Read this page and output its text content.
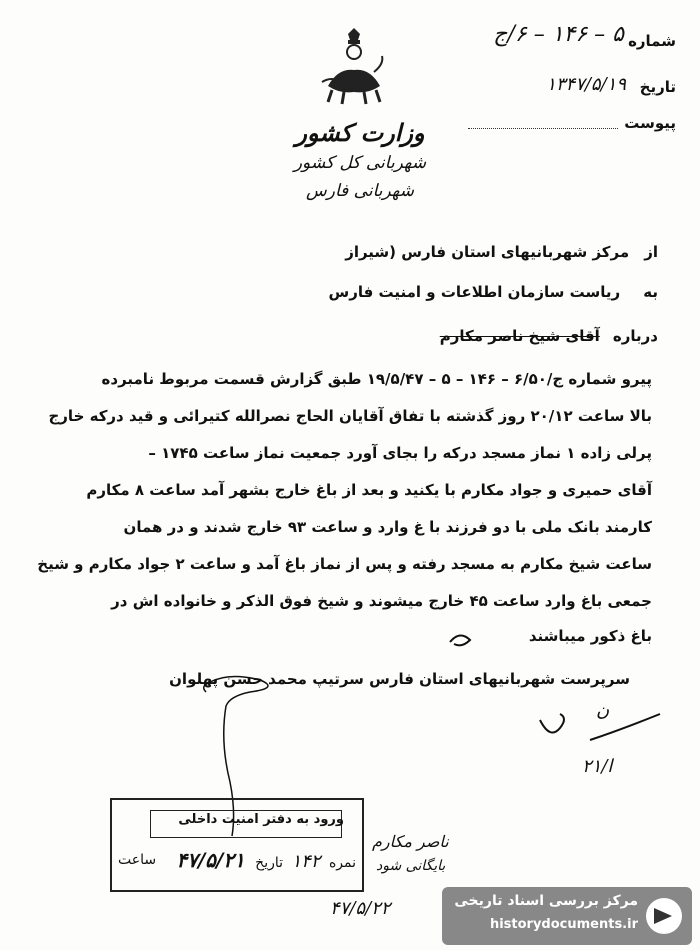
شماره
۵ – ۱۴۶ – ۶/ج
تاریخ
۱۳۴۷/۵/۱۹
پیوست
وزارت کشور
شهربانی کل کشور
شهربانی فارس
از مرکز شهربانیهای استان فارس (شیراز
به ریاست سازمان اطلاعات و امنیت فارس
درباره آقای شیخ ناصر مکارم
پیرو شماره ج/۶/۵۰ – ۱۴۶ – ۵ – ۱۹/۵/۴۷ طبق گزارش قسمت مربوط نامبرده
بالا ساعت ۲۰/۱۲ روز گذشته با تفاق آقایان الحاج نصرالله کتیرائی و قید درکه خارج
پرلی زاده ۱ نماز مسجد درکه را بجای آورد جمعیت نماز ساعت ۱۷۴۵ –
آقای حمیری و جواد مکارم با یکنید و بعد از باغ خارج بشهر آمد ساعت ۸ مکارم
کارمند بانک ملی با دو فرزند با غ وارد و ساعت ۹۳ خارج شدند و در همان
ساعت شیخ مکارم به مسجد رفته و پس از نماز باغ آمد و ساعت ۲ جواد مکارم و شیخ
جمعی باغ وارد ساعت ۴۵ خارج میشوند و شیخ فوق الذکر و خانواده اش در
باغ ذکور میباشند
سرپرست شهربانیهای استان فارس سرتیپ محمد حسن پهلوان
ن
ا/۲۱
ورود به دفتر امنیت داخلی
نمره ۱۴۲ تاریخ ۴۷/۵/۲۱
ساعت
ناصر مکارم
بایگانی شود
۴۷/۵/۲۲	مرکز بررسی اسناد تاریخی
historydocuments.ir
